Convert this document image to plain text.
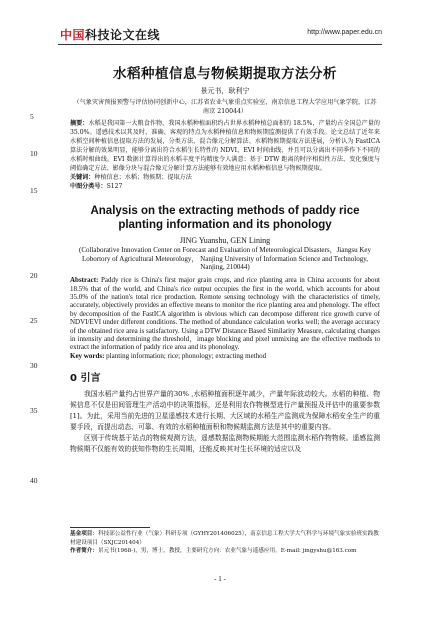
中国科技论文在线	http://www.paper.edu.cn
5
10
15
20
25
30
35
40
水稻种植信息与物候期提取方法分析
景元书，耿利宁
（气象灾害预报预警与评估协同创新中心，江苏省农业气象重点实验室，南京信息工程大学应用气象学院，江苏 南京 210044）
摘要：水稻是我国第一大粮食作物，我国水稻种植面积约占世界水稻种植总面积的 18.5%，产量约占全国总产量的 35.0%。遥感技术以其及时、准确、客观的特点为水稻种植信息和物候期监测提供了有效手段。论文总结了近年来水稻空间种植信息提取方法的发展，分类方法、混合像元分解算法、水稻物候期提取方法进展，分析认为 FastICA 算法分解的效果明显，能够分离出符合水稻生长特性的 NDVI、EVI 时间曲线，并且可以分离出不同季作下不同的水稻时相曲线。EVI 数据计算得出的水稻丰度平均精度令人满意；基于 DTW 距离的时序相似性方法、变化强度与阈值确定方法、影像分块与混合像元分解计算方法能够有效地应用水稻种植信息与物候期提取。
关键词：种植信息；水稻；物候期；提取方法
中图分类号：S127
Analysis on the extracting methods of paddy rice planting information and its phonology
JING Yuanshu, GEN Lining
(Collaborative Innovation Center on Forecast and Evaluation of Meteorological Disasters，Jiangsu Key Lobortory of Agricultural Meteorology， Nanjing University of Information Science and Technology, Nanjing, 210044)
Abstract: Paddy rice is China's first major grain crops, and rice planting area in China accounts for about 18.5% that of the world, and China's rice output occupies the first in the world, which accounts for about 35.0% of the nation's total rice production. Remote sensing technology with the characteristics of timely, accurately, objectively provides an effective means to monitor the rice planting area and phenology. The effect by decomposition of the FastICA algorithm is obvious which can decompose different rice growth curve of NDVI/EVI under different conditions. The method of abundance calculation works well; the average accuracy of the obtained rice area is satisfactory. Using a DTW Distance Based Similarity Measure, calculating changes in intensity and determining the threshold，image blocking and pixel unmixing are the effective methods to extract the information of paddy rice area and its phonology.
Key words: planting information; rice; phonology; extracting method
0 引言

我国水稻产量约占世界产量的30% ,水稻种植面积逐年减少，产量年际波动较大。水稻的种植、物候信息不仅是田间管理生产活动中的决策指标，还是利用农作物模型进行产量预报及评估中的重要参数[1]。为此，采用当前先进的卫星遥感技术进行长期、大区域的水稻生产监测成为保障水稻安全生产的重要手段，而提出动态、可靠、有效的水稻种植面积和物候期监测方法是其中的重要内容。

区别于传统基于站点的物候观测方法，遥感数据监测物候期能大范围监测水稻作物物候。遥感监测物候期不仅能有效的获知作物的生长周期，还能反映其对生长环境的适应以及

基金项目：科技部公益性行业（气象）科研专项（GYHY201406025），南京信息工程大学大气科学与环境气象实验班实践教材建设项目（SXJC201404）
作者简介：景元书(1968-)，男，博士，教授，主要研究方向：农业气象与遥感应用。E-mail: jingyshu@163.com
- 1 -
